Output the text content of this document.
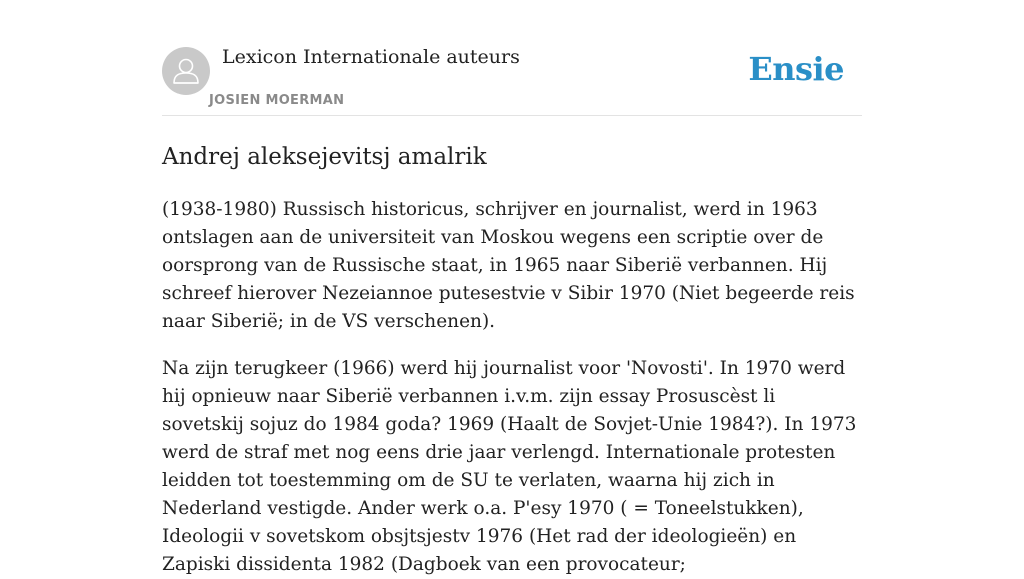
Lexicon Internationale auteurs
JOSIEN MOERMAN
Ensie
Andrej aleksejevitsj amalrik

(1938-1980) Russisch historicus, schrijver en journalist, werd in 1963 ontslagen aan de universiteit van Moskou wegens een scriptie over de oorsprong van de Russische staat, in 1965 naar Siberië verbannen. Hij schreef hierover Nezeiannoe putesestvie v Sibir 1970 (Niet begeerde reis naar Siberië; in de VS verschenen).

Na zijn terugkeer (1966) werd hij journalist voor 'Novosti'. In 1970 werd hij opnieuw naar Siberië verbannen i.v.m. zijn essay Prosuscèst li sovetskij sojuz do 1984 goda? 1969 (Haalt de Sovjet-Unie 1984?). In 1973 werd de straf met nog eens drie jaar verlengd. Internationale protesten leidden tot toestemming om de SU te verlaten, waarna hij zich in Nederland vestigde. Ander werk o.a. P'esy 1970 ( = Toneelstukken), Ideologii v sovetskom obsjtsjestv 1976 (Het rad der ideologieën) en Zapiski dissidenta 1982 (Dagboek van een provocateur;
